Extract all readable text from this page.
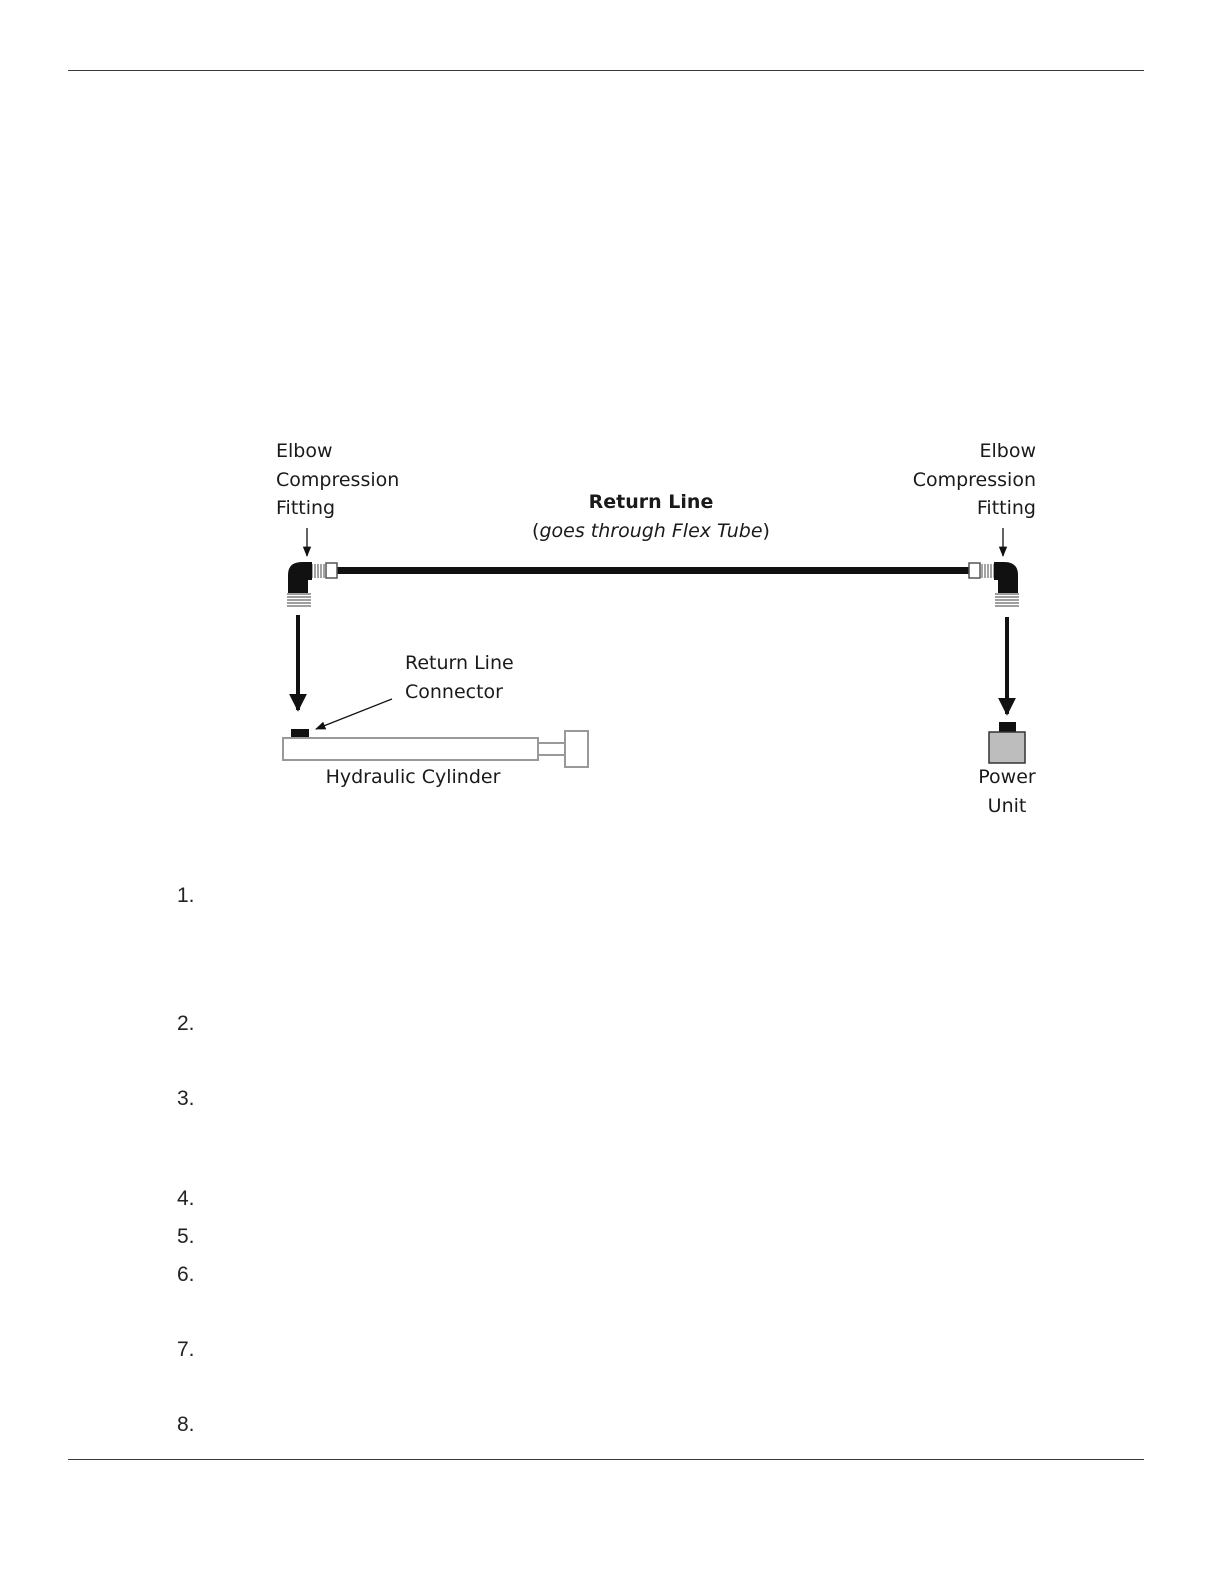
Elbow
Compression
Fitting
Elbow
Compression
Fitting
Return Line
(goes through Flex Tube)
Return Line
Connector
Hydraulic Cylinder	Power
Unit
1.
2.
3.
4.
5.
6.
7.
8.
